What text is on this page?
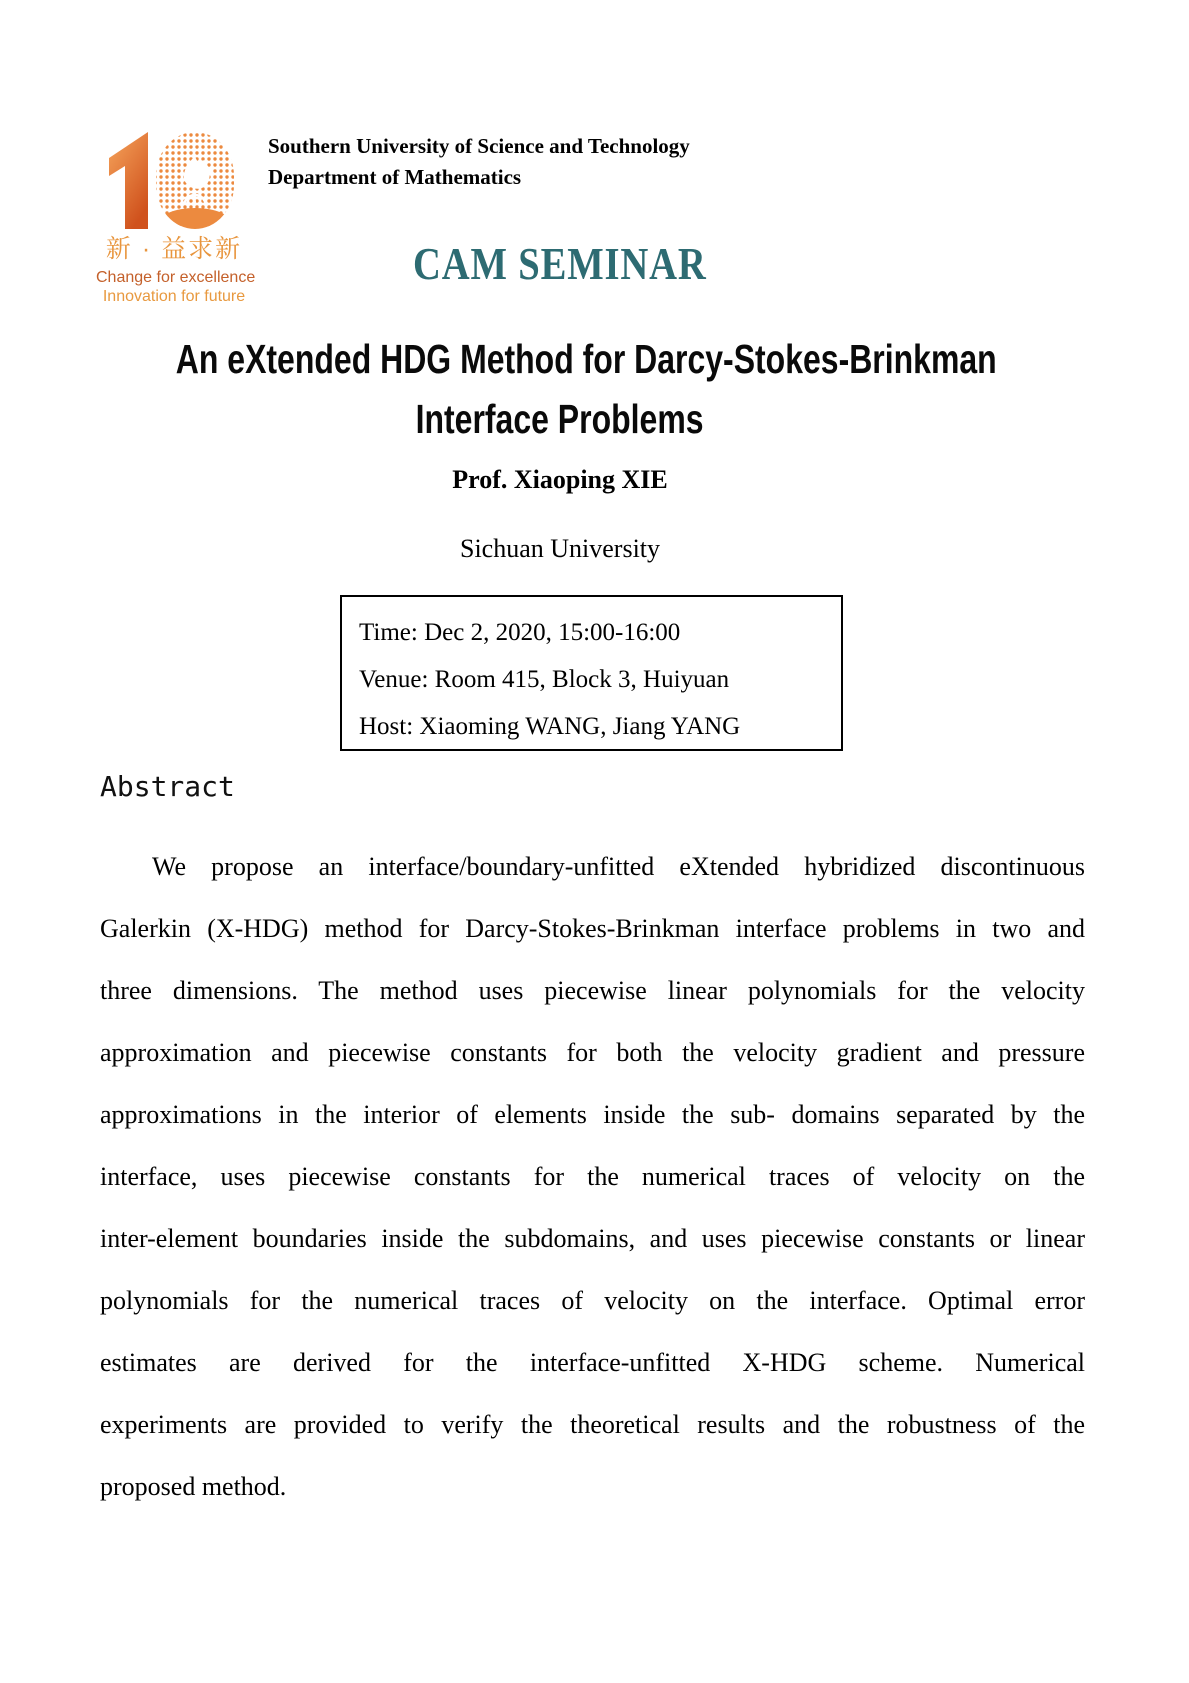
新 · 益求新
Change for excellence
Innovation for future
Southern University of Science and Technology
Department of Mathematics
CAM SEMINAR
An eXtended HDG Method for Darcy-Stokes-Brinkman
Interface Problems
Prof. Xiaoping XIE
Sichuan University
Time: Dec 2, 2020, 15:00-16:00
Venue: Room 415, Block 3, Huiyuan
Host: Xiaoming WANG, Jiang YANG
Abstract
We propose an interface/boundary-unfitted eXtended hybridized discontinuous
Galerkin (X-HDG) method for Darcy-Stokes-Brinkman interface problems in two and
three dimensions. The method uses piecewise linear polynomials for the velocity
approximation and piecewise constants for both the velocity gradient and pressure
approximations in the interior of elements inside the sub- domains separated by the
interface, uses piecewise constants for the numerical traces of velocity on the
inter-element boundaries inside the subdomains, and uses piecewise constants or linear
polynomials for the numerical traces of velocity on the interface. Optimal error
estimates are derived for the interface-unfitted X-HDG scheme. Numerical
experiments are provided to verify the theoretical results and the robustness of the
proposed method.
